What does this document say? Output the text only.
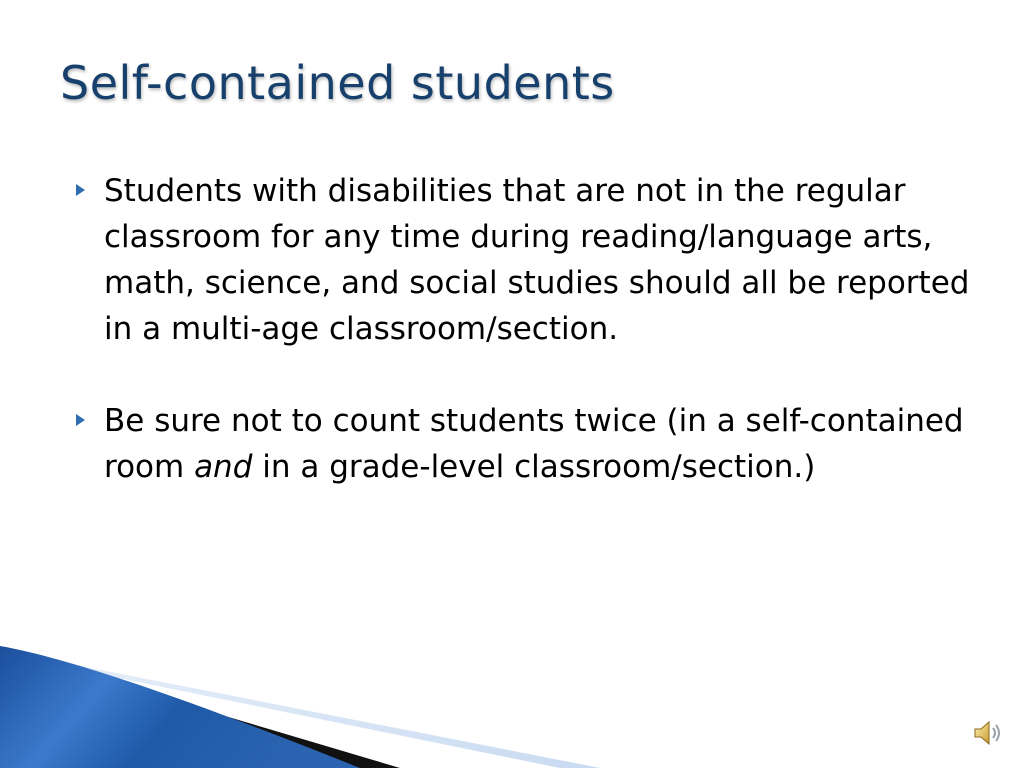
Self-contained students
Students with disabilities that are not in the regular classroom for any time during reading/language arts, math, science, and social studies should all be reported in a multi-age classroom/section.
Be sure not to count students twice (in a self-contained room and in a grade-level classroom/section.)
